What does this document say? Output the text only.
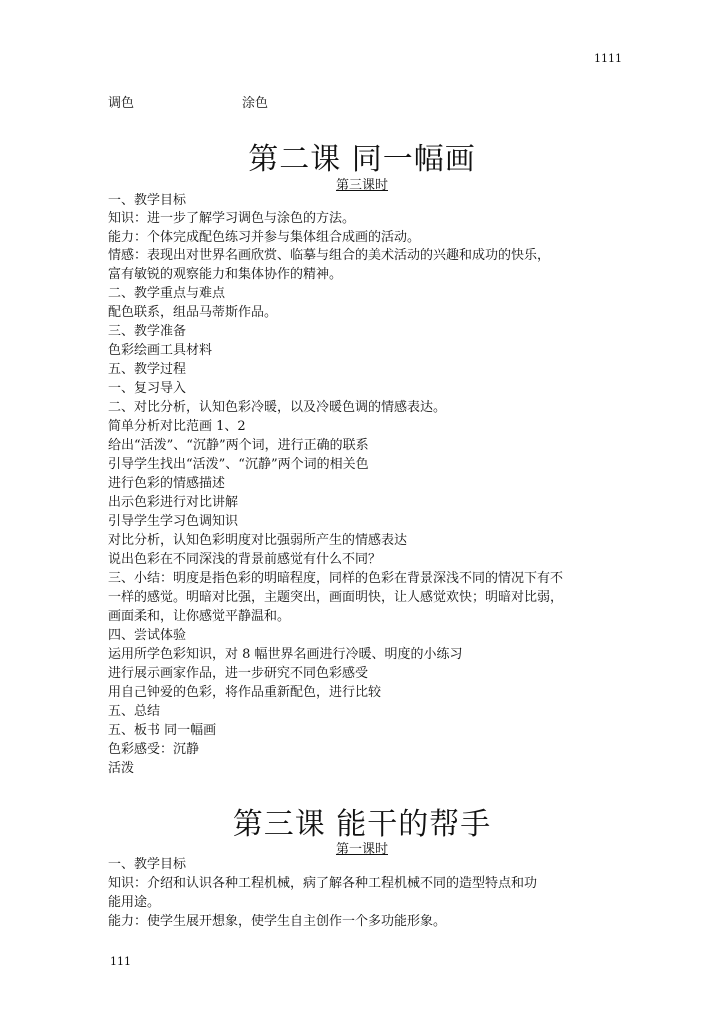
1111
调色	涂色
第二课 同一幅画
第三课时
一、教学目标
知识：进一步了解学习调色与涂色的方法。
能力：个体完成配色练习并参与集体组合成画的活动。
情感：表现出对世界名画欣赏、临摹与组合的美术活动的兴趣和成功的快乐，
富有敏锐的观察能力和集体协作的精神。
二、教学重点与难点
配色联系，组品马蒂斯作品。
三、教学准备
色彩绘画工具材料
五、教学过程
一、复习导入
二、对比分析，认知色彩冷暖，以及冷暖色调的情感表达。
简单分析对比范画 1、2
给出“活泼”、“沉静”两个词，进行正确的联系
引导学生找出“活泼”、“沉静”两个词的相关色
进行色彩的情感描述
出示色彩进行对比讲解
引导学生学习色调知识
对比分析，认知色彩明度对比强弱所产生的情感表达
说出色彩在不同深浅的背景前感觉有什么不同？
三、小结：明度是指色彩的明暗程度，同样的色彩在背景深浅不同的情况下有不
一样的感觉。明暗对比强，主题突出，画面明快，让人感觉欢快；明暗对比弱，
画面柔和，让你感觉平静温和。
四、尝试体验
运用所学色彩知识，对 8 幅世界名画进行冷暖、明度的小练习
进行展示画家作品，进一步研究不同色彩感受
用自己钟爱的色彩，将作品重新配色，进行比较
五、总结
五、板书 同一幅画
色彩感受：沉静
活泼
第三课 能干的帮手
第一课时
一、教学目标
知识：介绍和认识各种工程机械，病了解各种工程机械不同的造型特点和功
能用途。
能力：使学生展开想象，使学生自主创作一个多功能形象。
111
